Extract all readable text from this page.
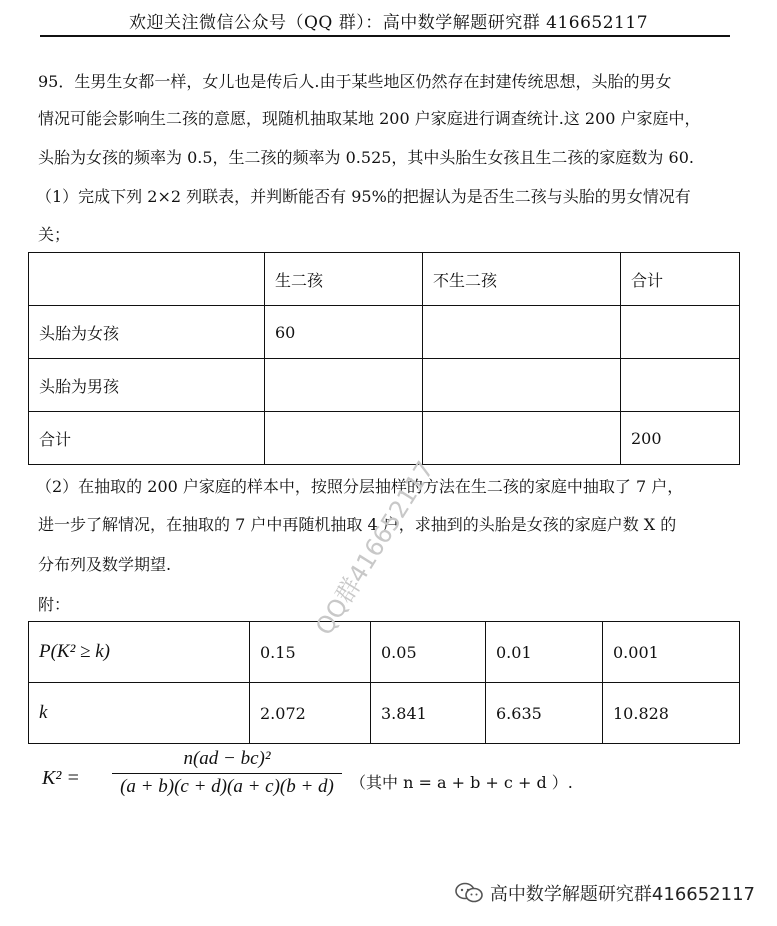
欢迎关注微信公众号（QQ 群）：高中数学解题研究群 416652117
95．生男生女都一样，女儿也是传后人.由于某些地区仍然存在封建传统思想，头胎的男女
情况可能会影响生二孩的意愿，现随机抽取某地 200 户家庭进行调查统计.这 200 户家庭中，
头胎为女孩的频率为 0.5，生二孩的频率为 0.525，其中头胎生女孩且生二孩的家庭数为 60.
（1）完成下列 2×2 列联表，并判断能否有 95%的把握认为是否生二孩与头胎的男女情况有
关；
	生二孩	不生二孩	合计
头胎为女孩	60		
头胎为男孩			
合计			200
（2）在抽取的 200 户家庭的样本中，按照分层抽样的方法在生二孩的家庭中抽取了 7 户，
进一步了解情况，在抽取的 7 户中再随机抽取 4 户，求抽到的头胎是女孩的家庭户数 X 的
分布列及数学期望.
附：
P(K² ≥ k)	0.15	0.05	0.01	0.001
k	2.072	3.841	6.635	10.828
K² =
n(ad − bc)²
(a + b)(c + d)(a + c)(b + d)	（其中 n = a + b + c + d ）.
QQ群416652117
高中数学解题研究群416652117
